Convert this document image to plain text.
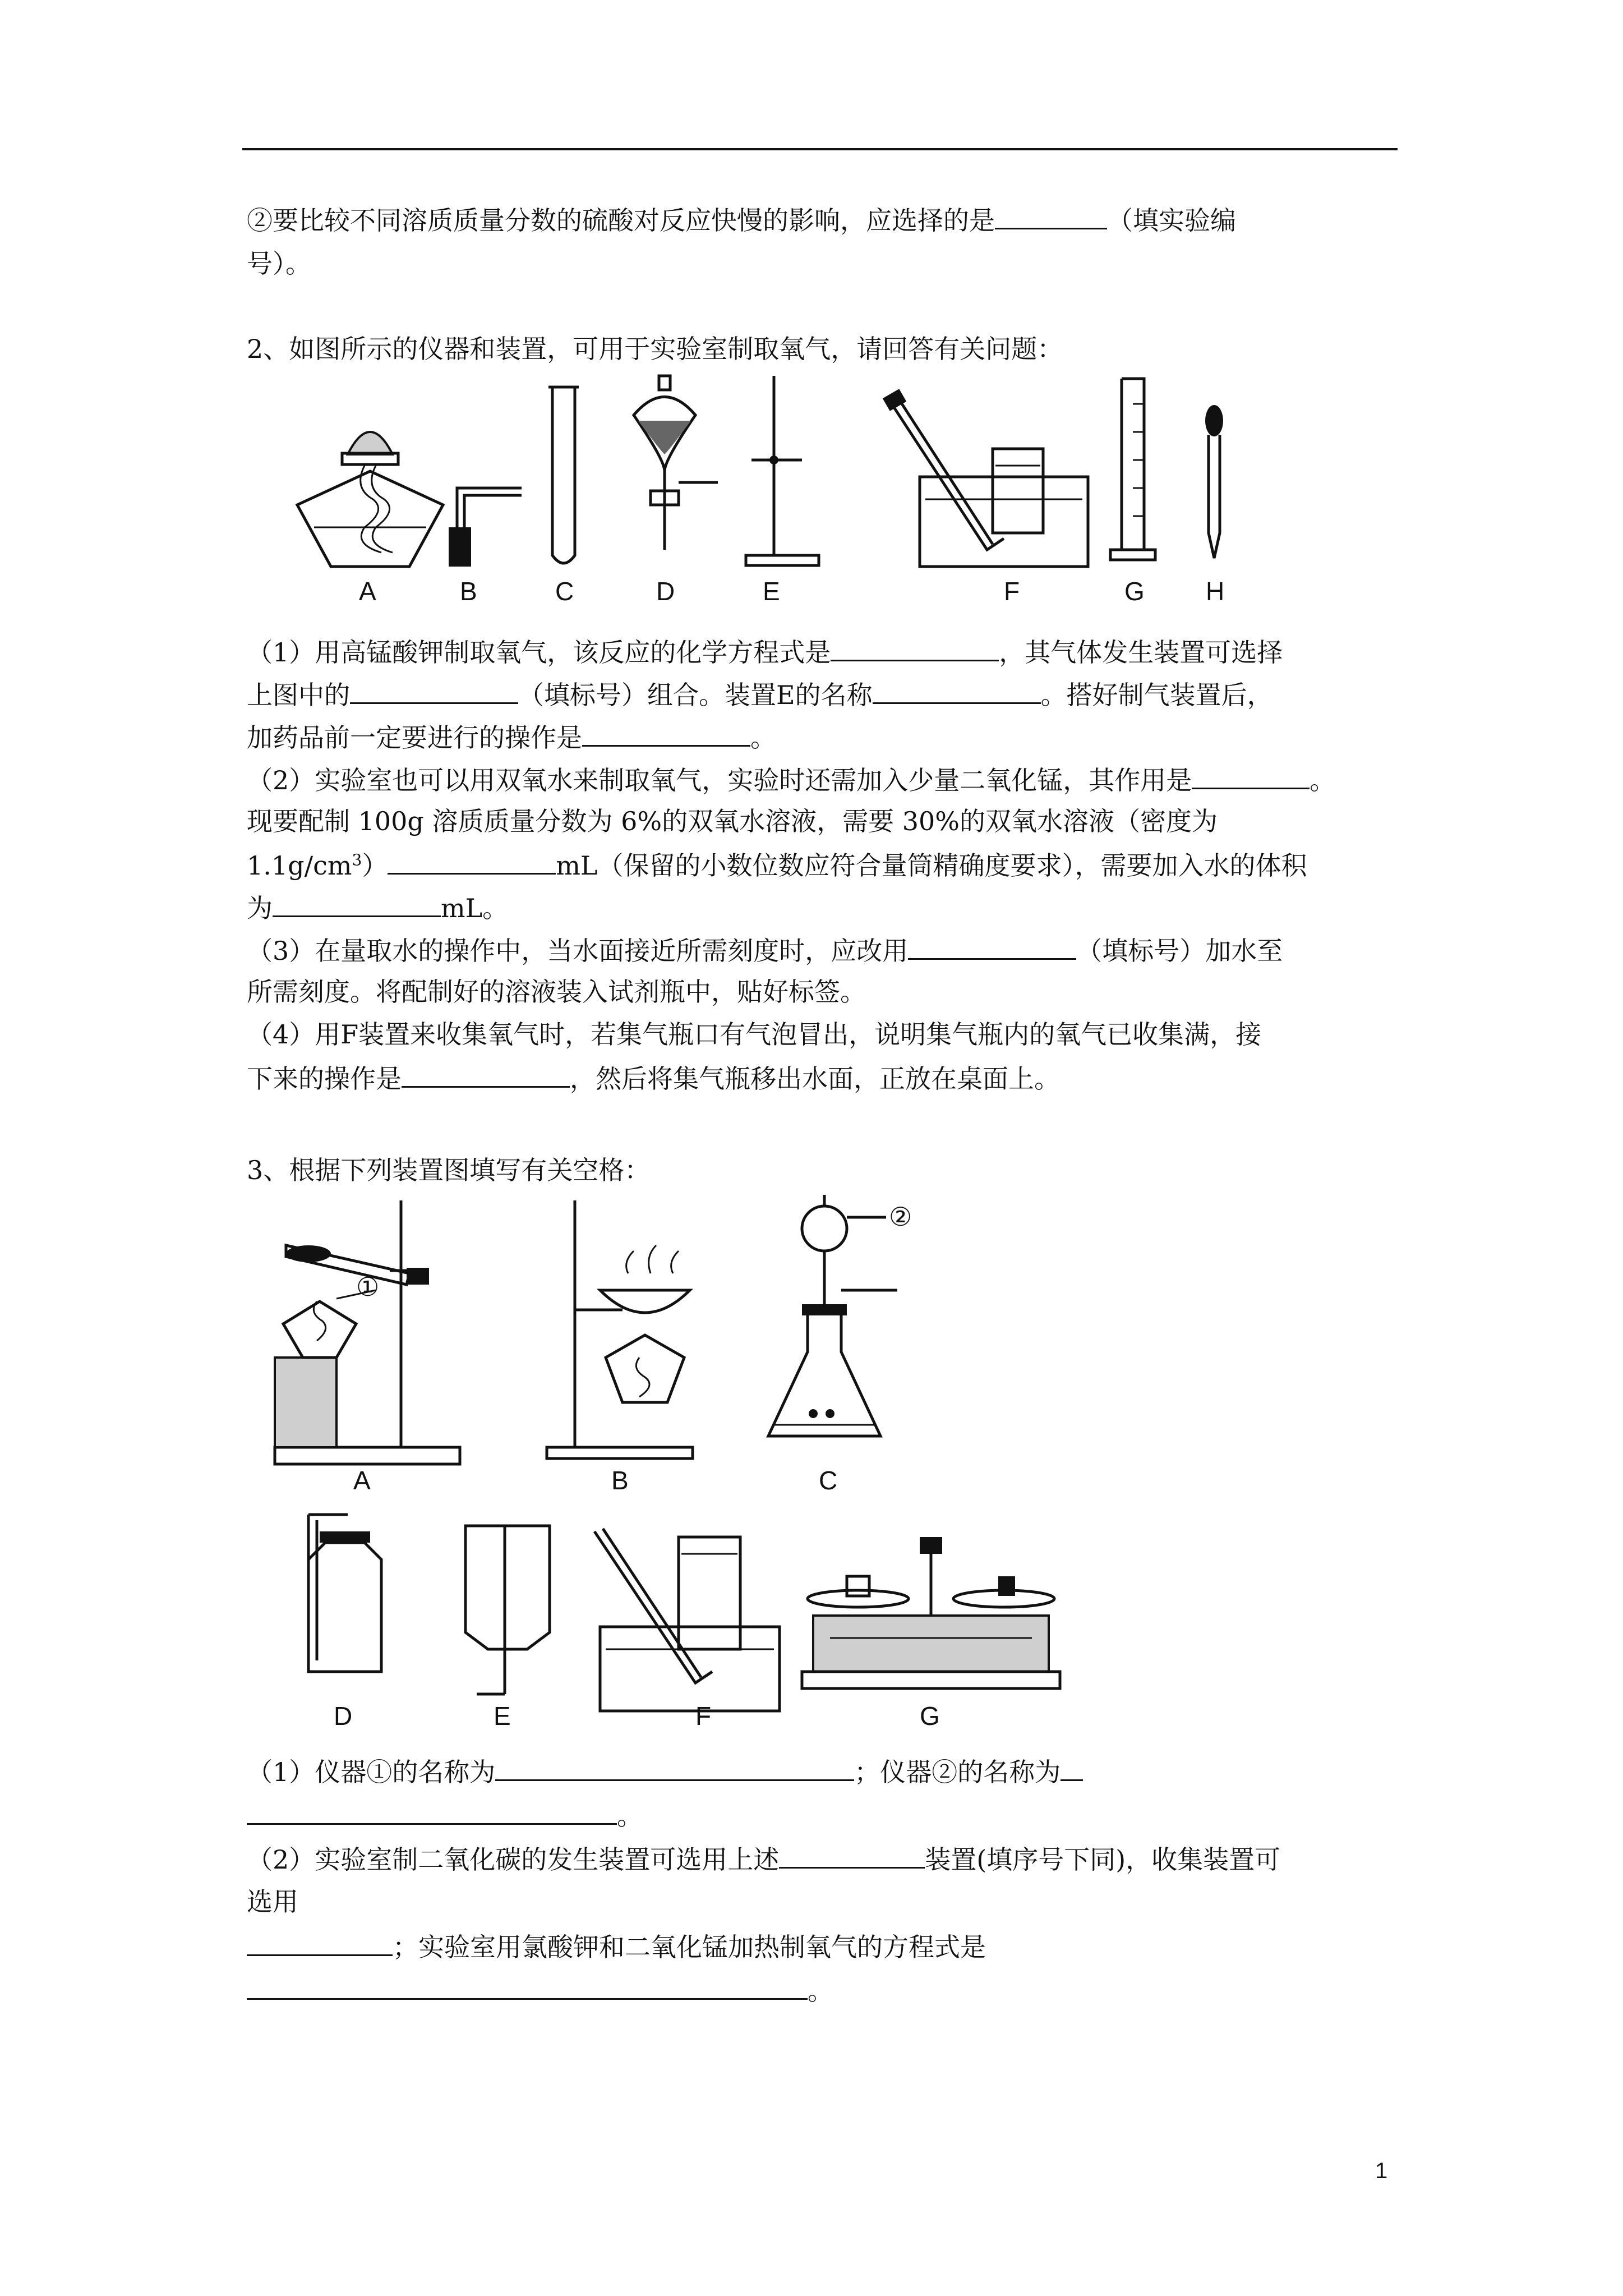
②要比较不同溶质质量分数的硫酸对反应快慢的影响，应选择的是	（填实验编
号）。
2、如图所示的仪器和装置，可用于实验室制取氧气，请回答有关问题：
A	B	C	D	E	F	G H
（1）用高锰酸钾制取氧气，该反应的化学方程式是	，其气体发生装置可选择
上图中的	（填标号）组合。装置E的名称	。搭好制气装置后，
加药品前一定要进行的操作是	。
（2）实验室也可以用双氧水来制取氧气，实验时还需加入少量二氧化锰，其作用是	。
现要配制 100g 溶质质量分数为 6%的双氧水溶液，需要 30%的双氧水溶液（密度为
$1.1g/cm^3$）	mL（保留的小数位数应符合量筒精确度要求），需要加入水的体积
为	mL。
（3）在量取水的操作中，当水面接近所需刻度时，应改用	（填标号）加水至
所需刻度。将配制好的溶液装入试剂瓶中，贴好标签。
（4）用F装置来收集氧气时，若集气瓶口有气泡冒出，说明集气瓶内的氧气已收集满，接
下来的操作是	，然后将集气瓶移出水面，正放在桌面上。
3、根据下列装置图填写有关空格：
①
②
A	B	C
D	E	F	G
（1）仪器①的名称为	；仪器②的名称为
。
（2）实验室制二氧化碳的发生装置可选用上述	装置(填序号下同)，收集装置可
选用
；实验室用氯酸钾和二氧化锰加热制氧气的方程式是
。
1
